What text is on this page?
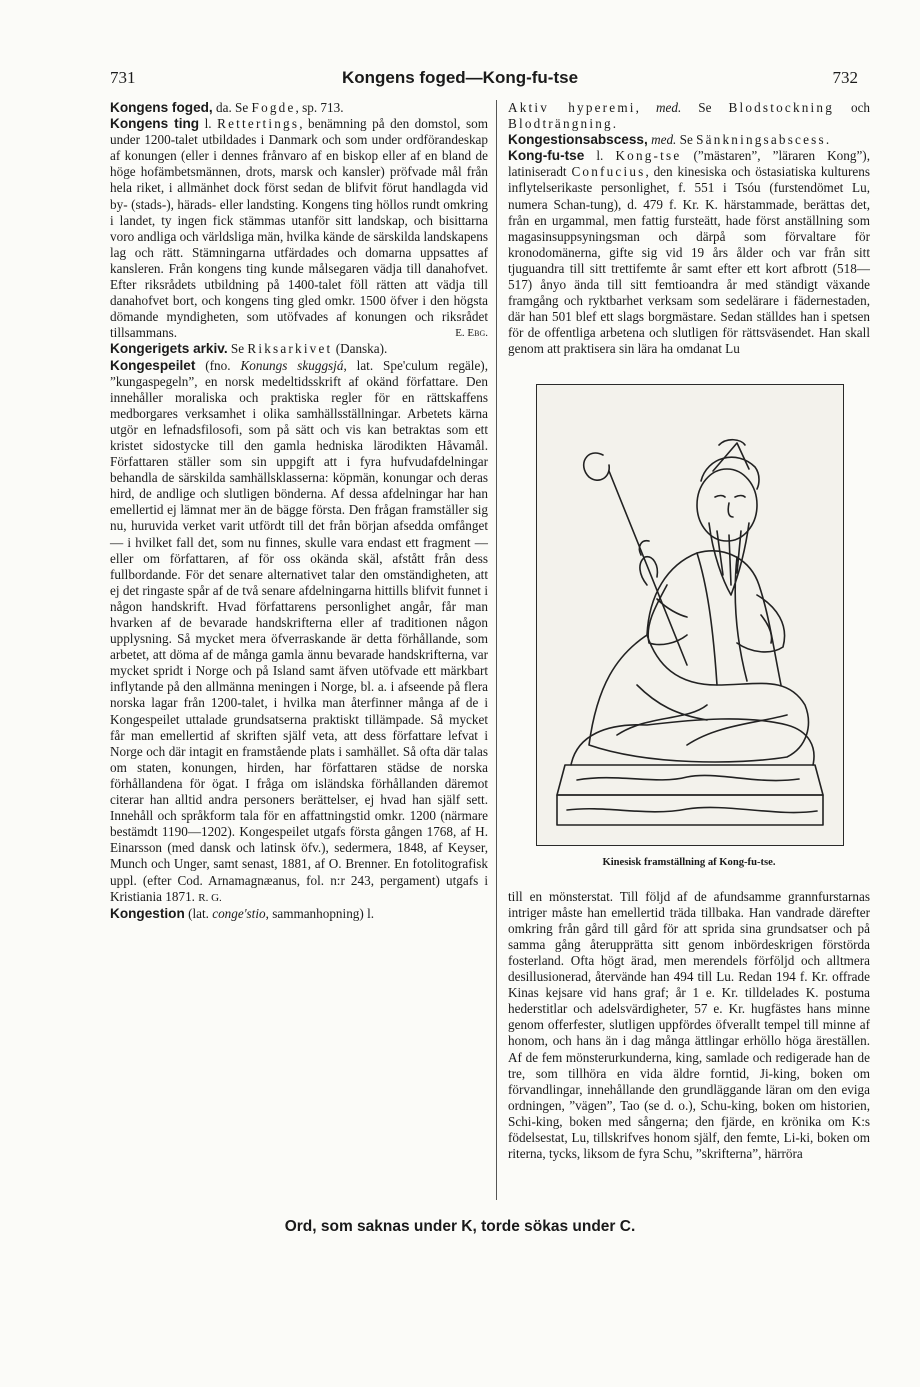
731	Kongens foged—Kong-fu-tse	732

Kongens foged, da. Se Fogde, sp. 713.

Kongens ting l. Rettertings, benämning på den domstol, som under 1200-talet utbildades i Danmark och som under ordförandeskap af konungen (eller i dennes frånvaro af en biskop eller af en bland de höge hofämbetsmännen, drots, marsk och kansler) pröfvade mål från hela riket, i allmänhet dock först sedan de blifvit förut handlagda vid by- (stads-), härads- eller landsting. Kongens ting höllos rundt omkring i landet, ty ingen fick stämmas utanför sitt landskap, och bisittarna voro andliga och världsliga män, hvilka kände de särskilda landskapens lag och rätt. Stämningarna utfärdades och domarna uppsattes af kansleren. Från kongens ting kunde målsegaren vädja till danahofvet. Efter riksrådets utbildning på 1400-talet föll rätten att vädja till danahofvet bort, och kongens ting gled omkr. 1500 öfver i den högsta dömande myndigheten, som utöfvades af konungen och riksrådet tillsammans.	E. Ebg.

Kongerigets arkiv. Se Riksarkivet (Danska).

Kongespeilet (fno. Konungs skuggsjá, lat. Spe'culum regäle), ”kungaspegeln”, en norsk medeltidsskrift af okänd författare. Den innehåller moraliska och praktiska regler för en rättskaffens medborgares verksamhet i olika samhällsställningar. Arbetets kärna utgör en lefnadsfilosofi, som på sätt och vis kan betraktas som ett kristet sidostycke till den gamla hedniska lärodikten Håvamål. Författaren ställer som sin uppgift att i fyra hufvudafdelningar behandla de särskilda samhällsklasserna: köpmän, konungar och deras hird, de andlige och slutligen bönderna. Af dessa afdelningar har han emellertid ej lämnat mer än de bägge första. Den frågan framställer sig nu, huruvida verket varit utfördt till det från början afsedda omfånget — i hvilket fall det, som nu finnes, skulle vara endast ett fragment — eller om författaren, af för oss okända skäl, afstått från dess fullbordande. För det senare alternativet talar den omständigheten, att ej det ringaste spår af de två senare afdelningarna hittills blifvit funnet i någon handskrift. Hvad författarens personlighet angår, får man hvarken af de bevarade handskrifterna eller af traditionen någon upplysning. Så mycket mera öfverraskande är detta förhållande, som arbetet, att döma af de många gamla ännu bevarade handskrifterna, var mycket spridt i Norge och på Island samt äfven utöfvade ett märkbart inflytande på den allmänna meningen i Norge, bl. a. i afseende på flera norska lagar från 1200-talet, i hvilka man återfinner många af de i Kongespeilet uttalade grundsatserna praktiskt tillämpade. Så mycket får man emellertid af skriften själf veta, att dess författare lefvat i Norge och där intagit en framstående plats i samhället. Så ofta där talas om staten, konungen, hirden, har författaren städse de norska förhållandena för ögat. I fråga om isländska förhållanden däremot citerar han alltid andra personers berättelser, ej hvad han själf sett. Innehåll och språkform tala för en affattningstid omkr. 1200 (närmare bestämdt 1190—1202). Kongespeilet utgafs första gången 1768, af H. Einarsson (med dansk och latinsk öfv.), sedermera, 1848, af Keyser, Munch och Unger, samt senast, 1881, af O. Brenner. En fotolitografisk uppl. (efter Cod. Arnamagnæanus, fol. n:r 243, pergament) utgafs i Kristiania 1871. R. G.

Kongestion (lat. conge'stio, sammanhopning) l.

Aktiv hyperemi, med. Se Blodstockning och Blodträngning.

Kongestionsabscess, med. Se Sänkningsabscess.

Kong-fu-tse l. Kong-tse (”mästaren”, ”läraren Kong”), latiniseradt Confucius, den kinesiska och östasiatiska kulturens inflytelserikaste personlighet, f. 551 i Tsóu (furstendömet Lu, numera Schan-tung), d. 479 f. Kr. K. härstammade, berättas det, från en urgammal, men fattig fursteätt, hade först anställning som magasinsuppsyningsman och därpå som förvaltare för kronodomänerna, gifte sig vid 19 års ålder och var från sitt tjuguandra till sitt trettifemte år samt efter ett kort afbrott (518—517) ånyo ända till sitt femtioandra år med ständigt växande framgång och ryktbarhet verksam som sedelärare i fädernestaden, där han 501 blef ett slags borgmästare. Sedan ställdes han i spetsen för de offentliga arbetena och slutligen för rättsväsendet. Han skall genom att praktisera sin lära ha omdanat Lu

Kinesisk framställning af Kong-fu-tse.

till en mönsterstat. Till följd af de afundsamme grannfurstarnas intriger måste han emellertid träda tillbaka. Han vandrade därefter omkring från gård till gård för att sprida sina grundsatser och på samma gång återupprätta sitt genom inbördeskrigen förstörda fosterland. Ofta högt ärad, men merendels förföljd och alltmera desillusionerad, återvände han 494 till Lu. Redan 194 f. Kr. offrade Kinas kejsare vid hans graf; år 1 e. Kr. tilldelades K. postuma hederstitlar och adelsvärdigheter, 57 e. Kr. hugfästes hans minne genom offerfester, slutligen uppfördes öfverallt tempel till minne af honom, och hans än i dag många ättlingar erhöllo höga äreställen. Af de fem mönsterurkunderna, king, samlade och redigerade han de tre, som tillhöra en vida äldre forntid, Ji-king, boken om förvandlingar, innehållande den grundläggande läran om den eviga ordningen, ”vägen”, Tao (se d. o.), Schu-king, boken om historien, Schi-king, boken med sångerna; den fjärde, en krönika om K:s födelsestat, Lu, tillskrifves honom själf, den femte, Li-ki, boken om riterna, tycks, liksom de fyra Schu, ”skrifterna”, härröra

Ord, som saknas under K, torde sökas under C.
